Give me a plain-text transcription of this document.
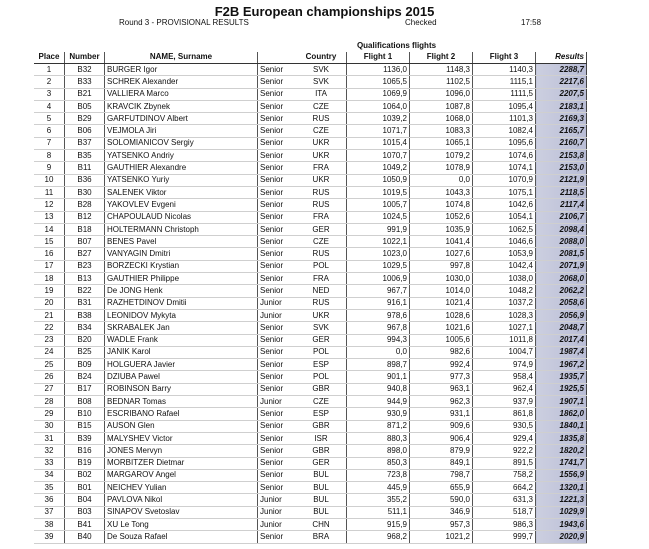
F2B European championships 2015
Round 3 - PROVISIONAL RESULTS	Checked	17:58
			Qualifications flights					
Place	Number	NAME, Surname		Country	Flight 1	Flight 2	Flight 3	Results
1	B32	BURGER Igor	Senior	SVK	1136,0	1148,3	1140,3	2288,7
2	B33	SCHREK Alexander	Senior	SVK	1065,5	1102,5	1115,1	2217,6
3	B21	VALLIERA Marco	Senior	ITA	1069,9	1096,0	1111,5	2207,5
4	B05	KRAVCIK Zbynek	Senior	CZE	1064,0	1087,8	1095,4	2183,1
5	B29	GARFUTDINOV Albert	Senior	RUS	1039,2	1068,0	1101,3	2169,3
6	B06	VEJMOLA Jiri	Senior	CZE	1071,7	1083,3	1082,4	2165,7
7	B37	SOLOMIANICOV Sergiy	Senior	UKR	1015,4	1065,1	1095,6	2160,7
8	B35	YATSENKO Andriy	Senior	UKR	1070,7	1079,2	1074,6	2153,8
9	B11	GAUTHIER Alexandre	Senior	FRA	1049,2	1078,9	1074,1	2153,0
10	B36	YATSENKO Yuriy	Senior	UKR	1050,9	0,0	1070,9	2121,9
11	B30	SALENEK Viktor	Senior	RUS	1019,5	1043,3	1075,1	2118,5
12	B28	YAKOVLEV Evgeni	Senior	RUS	1005,7	1074,8	1042,6	2117,4
13	B12	CHAPOULAUD Nicolas	Senior	FRA	1024,5	1052,6	1054,1	2106,7
14	B18	HOLTERMANN Christoph	Senior	GER	991,9	1035,9	1062,5	2098,4
15	B07	BENES Pavel	Senior	CZE	1022,1	1041,4	1046,6	2088,0
16	B27	VANYAGIN Dmitri	Senior	RUS	1023,0	1027,6	1053,9	2081,5
17	B23	BORZECKI Krystian	Senior	POL	1029,5	997,8	1042,4	2071,9
18	B13	GAUTHIER Philippe	Senior	FRA	1006,9	1030,0	1038,0	2068,0
19	B22	De JONG Henk	Senior	NED	967,7	1014,0	1048,2	2062,2
20	B31	RAZHETDINOV Dmitii	Junior	RUS	916,1	1021,4	1037,2	2058,6
21	B38	LEONIDOV Mykyta	Junior	UKR	978,6	1028,6	1028,3	2056,9
22	B34	SKRABALEK Jan	Senior	SVK	967,8	1021,6	1027,1	2048,7
23	B20	WADLE Frank	Senior	GER	994,3	1005,6	1011,8	2017,4
24	B25	JANIK Karol	Senior	POL	0,0	982,6	1004,7	1987,4
25	B09	HOLGUERA Javier	Senior	ESP	898,7	992,4	974,9	1967,2
26	B24	DZIUBA Pawel	Senior	POL	901,1	977,3	958,4	1935,7
27	B17	ROBINSON Barry	Senior	GBR	940,8	963,1	962,4	1925,5
28	B08	BEDNAR Tomas	Junior	CZE	944,9	962,3	937,9	1907,1
29	B10	ESCRIBANO Rafael	Senior	ESP	930,9	931,1	861,8	1862,0
30	B15	AUSON Glen	Senior	GBR	871,2	909,6	930,5	1840,1
31	B39	MALYSHEV Victor	Senior	ISR	880,3	906,4	929,4	1835,8
32	B16	JONES Mervyn	Senior	GBR	898,0	879,9	922,2	1820,2
33	B19	MORBITZER Dietmar	Senior	GER	850,3	849,1	891,5	1741,7
34	B02	MARGAROV Angel	Senior	BUL	723,8	798,7	758,2	1556,9
35	B01	NEICHEV Yulian	Senior	BUL	445,9	655,9	664,2	1320,1
36	B04	PAVLOVA Nikol	Junior	BUL	355,2	590,0	631,3	1221,3
37	B03	SINAPOV Svetoslav	Junior	BUL	511,1	346,9	518,7	1029,9
38	B41	XU Le Tong	Junior	CHN	915,9	957,3	986,3	1943,6
39	B40	De Souza Rafael	Senior	BRA	968,2	1021,2	999,7	2020,9
